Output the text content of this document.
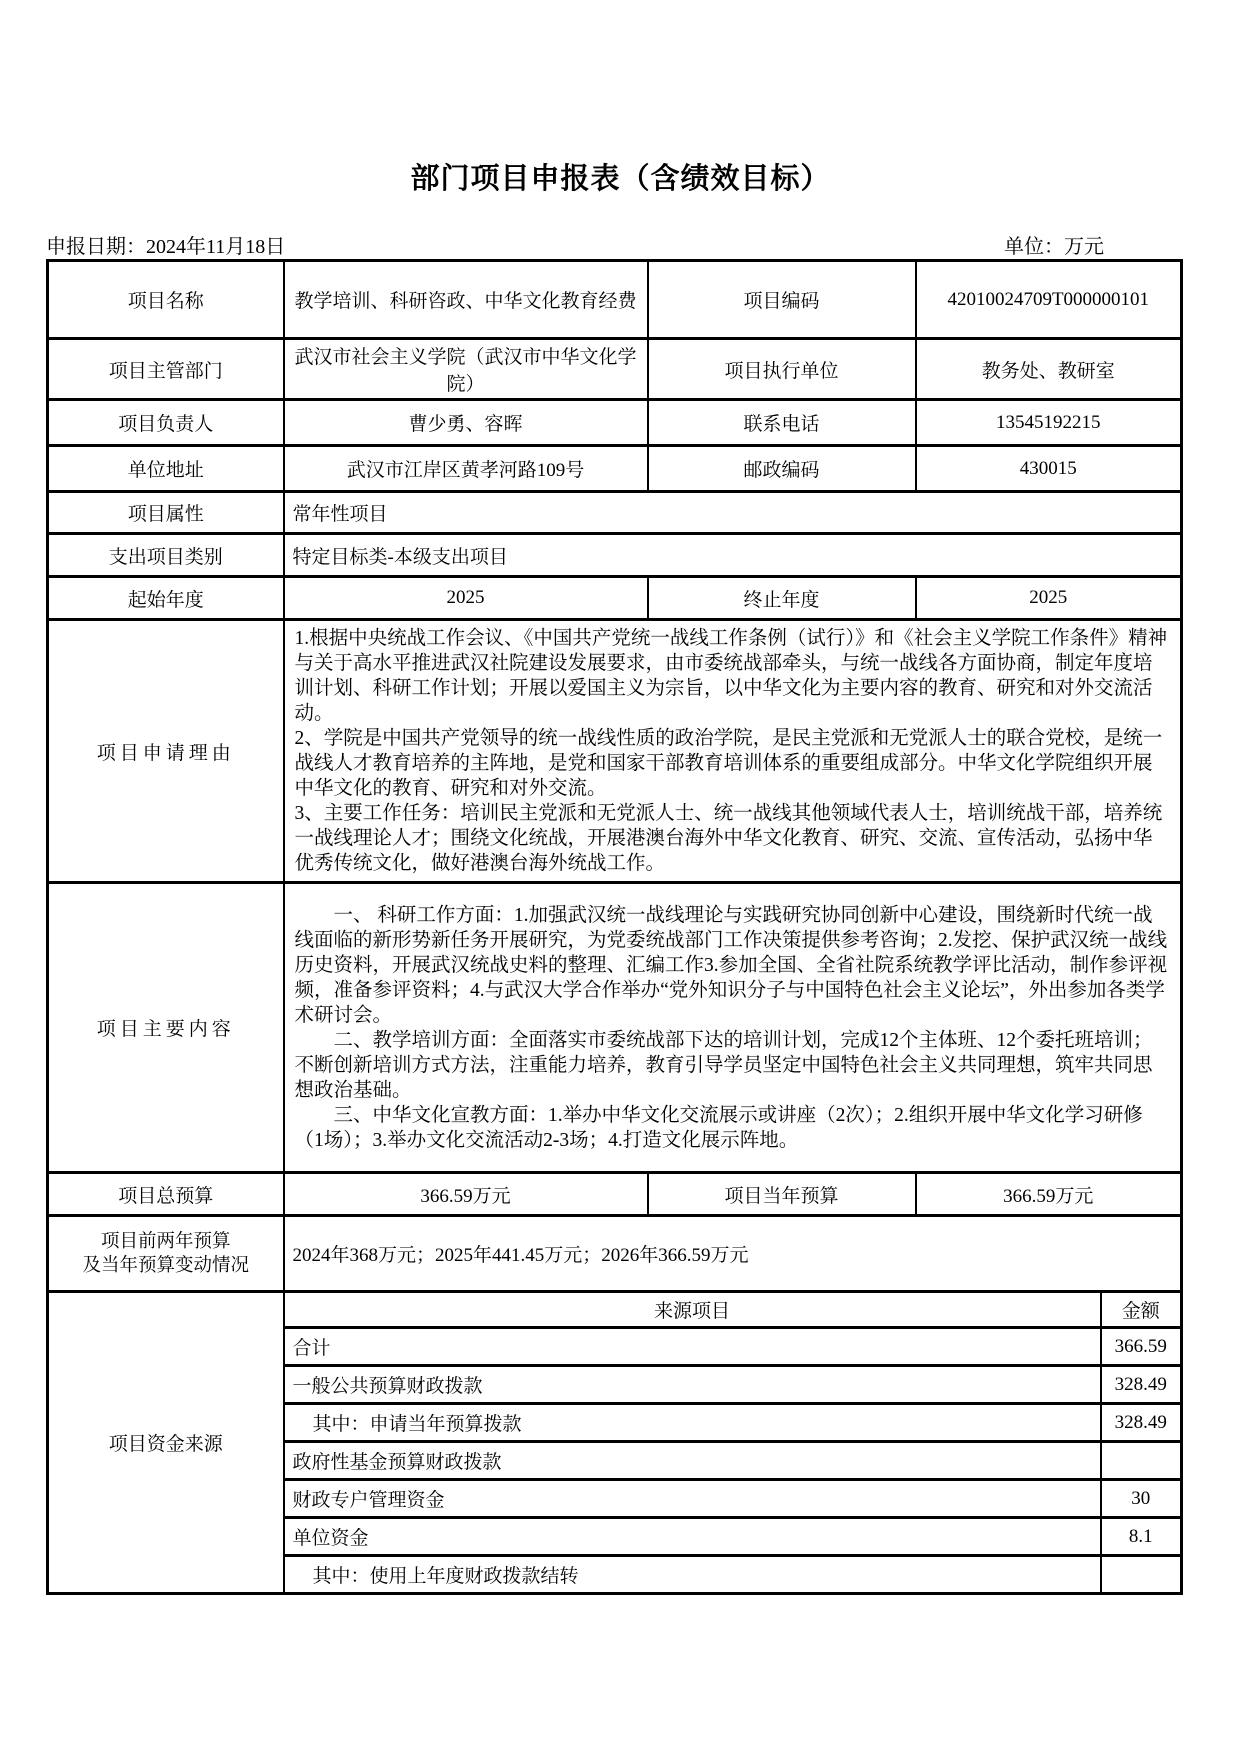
部门项目申报表（含绩效目标）
申报日期：2024年11月18日	单位：万元
项目名称	教学培训、科研咨政、中华文化教育经费	项目编码	42010024709T000000101	
项目主管部门	武汉市社会主义学院（武汉市中华文化学院）	项目执行单位	教务处、教研室	
项目负责人	曹少勇、容晖	联系电话	13545192215	
单位地址	武汉市江岸区黄孝河路109号	邮政编码	430015	
项目属性	常年性项目			
支出项目类别	特定目标类-本级支出项目			
起始年度	2025	终止年度	2025	
项目申请理由	1.根据中央统战工作会议、《中国共产党统一战线工作条例（试行）》和《社会主义学院工作条件》精神与关于高水平推进武汉社院建设发展要求，由市委统战部牵头，与统一战线各方面协商，制定年度培训计划、科研工作计划；开展以爱国主义为宗旨，以中华文化为主要内容的教育、研究和对外交流活动。

2、学院是中国共产党领导的统一战线性质的政治学院，是民主党派和无党派人士的联合党校，是统一战线人才教育培养的主阵地，是党和国家干部教育培训体系的重要组成部分。中华文化学院组织开展中华文化的教育、研究和对外交流。

3、主要工作任务：培训民主党派和无党派人士、统一战线其他领域代表人士，培训统战干部，培养统一战线理论人才；围绕文化统战，开展港澳台海外中华文化教育、研究、交流、宣传活动，弘扬中华优秀传统文化，做好港澳台海外统战工作。			

项目主要内容	一、 科研工作方面：1.加强武汉统一战线理论与实践研究协同创新中心建设，围绕新时代统一战线面临的新形势新任务开展研究，为党委统战部门工作决策提供参考咨询；2.发挖、保护武汉统一战线历史资料，开展武汉统战史料的整理、汇编工作3.参加全国、全省社院系统教学评比活动，制作参评视频，准备参评资料；4.与武汉大学合作举办“党外知识分子与中国特色社会主义论坛”，外出参加各类学术研讨会。

二、教学培训方面：全面落实市委统战部下达的培训计划，完成12个主体班、12个委托班培训；不断创新培训方式方法，注重能力培养，教育引导学员坚定中国特色社会主义共同理想，筑牢共同思想政治基础。

三、中华文化宣教方面：1.举办中华文化交流展示或讲座（2次）；2.组织开展中华文化学习研修（1场）；3.举办文化交流活动2-3场；4.打造文化展示阵地。			

项目总预算	366.59万元	项目当年预算	366.59万元	
项目前两年预算
及当年预算变动情况	2024年368万元；2025年441.45万元；2026年366.59万元			
项目资金来源	来源项目			金额
	合计			366.59
	一般公共预算财政拨款			328.49
	其中：申请当年预算拨款			328.49
	政府性基金预算财政拨款			
	财政专户管理资金			30
	单位资金			8.1
	其中：使用上年度财政拨款结转			
